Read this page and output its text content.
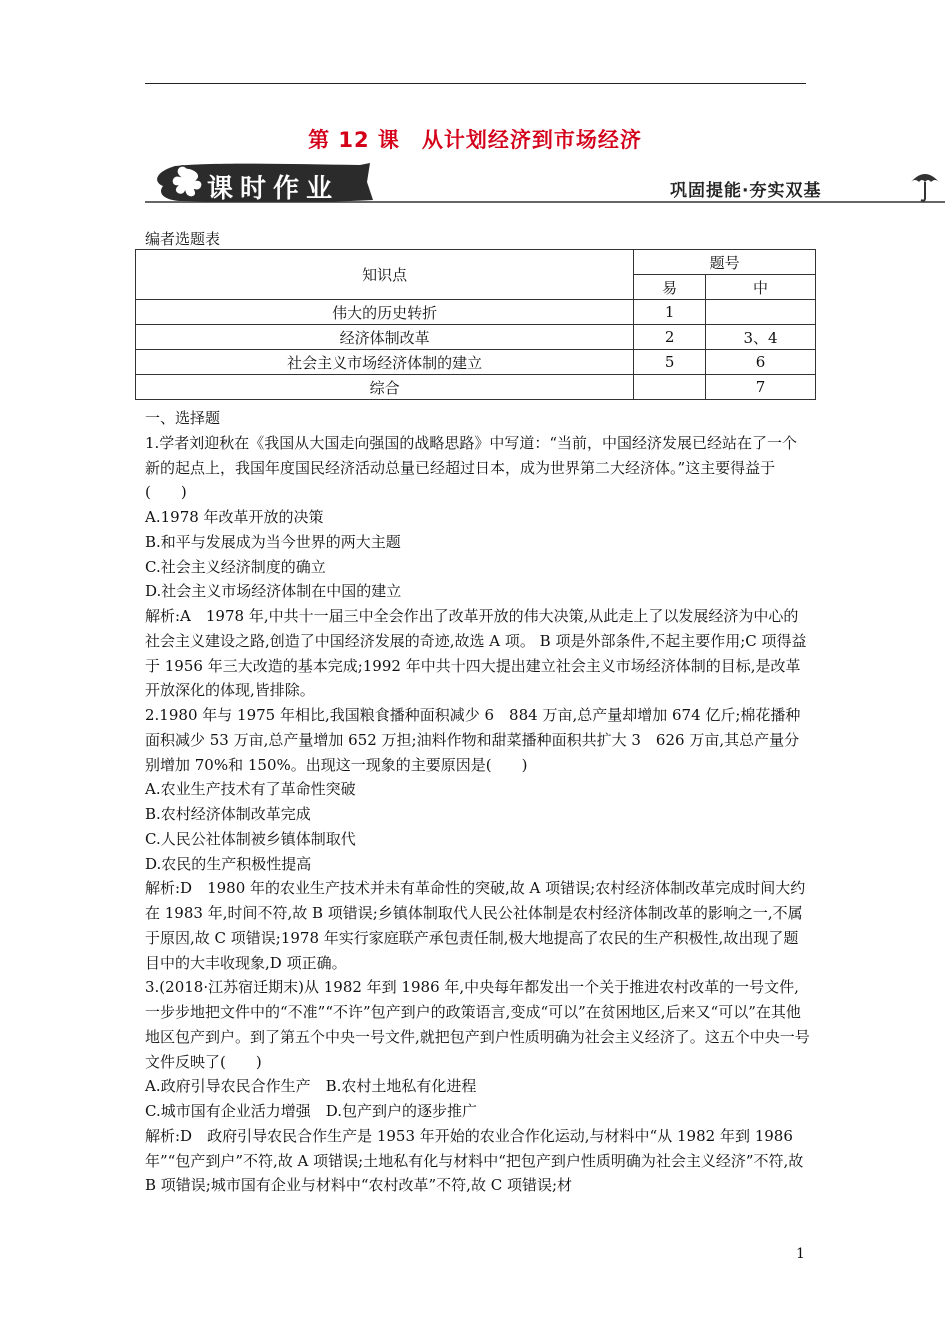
第 12 课　从计划经济到市场经济
课时作业	巩固提能·夯实双基
编者选题表
知识点	题号	
	易	中
伟大的历史转折	1	
经济体制改革	2	3、4
社会主义市场经济体制的建立	5	6
综合		7

一、选择题

1.学者刘迎秋在《我国从大国走向强国的战略思路》中写道：“当前，中国经济发展已经站在了一个新的起点上，我国年度国民经济活动总量已经超过日本，成为世界第二大经济体。”这主要得益于(　　)

A.1978 年改革开放的决策

B.和平与发展成为当今世界的两大主题

C.社会主义经济制度的确立

D.社会主义市场经济体制在中国的建立

解析:A　1978 年,中共十一届三中全会作出了改革开放的伟大决策,从此走上了以发展经济为中心的社会主义建设之路,创造了中国经济发展的奇迹,故选 A 项。 B 项是外部条件,不起主要作用;C 项得益于 1956 年三大改造的基本完成;1992 年中共十四大提出建立社会主义市场经济体制的目标,是改革开放深化的体现,皆排除。

2.1980 年与 1975 年相比,我国粮食播种面积减少 6　884 万亩,总产量却增加 674 亿斤;棉花播种面积减少 53 万亩,总产量增加 652 万担;油料作物和甜菜播种面积共扩大 3　626 万亩,其总产量分别增加 70%和 150%。出现这一现象的主要原因是(　　)

A.农业生产技术有了革命性突破

B.农村经济体制改革完成

C.人民公社体制被乡镇体制取代

D.农民的生产积极性提高

解析:D　1980 年的农业生产技术并未有革命性的突破,故 A 项错误;农村经济体制改革完成时间大约在 1983 年,时间不符,故 B 项错误;乡镇体制取代人民公社体制是农村经济体制改革的影响之一,不属于原因,故 C 项错误;1978 年实行家庭联产承包责任制,极大地提高了农民的生产积极性,故出现了题目中的大丰收现象,D 项正确。

3.(2018·江苏宿迁期末)从 1982 年到 1986 年,中央每年都发出一个关于推进农村改革的一号文件,一步步地把文件中的“不准”“不许”包产到户的政策语言,变成“可以”在贫困地区,后来又“可以”在其他地区包产到户。到了第五个中央一号文件,就把包产到户性质明确为社会主义经济了。这五个中央一号文件反映了(　　)

A.政府引导农民合作生产　B.农村土地私有化进程

C.城市国有企业活力增强　D.包产到户的逐步推广

解析:D　政府引导农民合作生产是 1953 年开始的农业合作化运动,与材料中“从 1982 年到 1986 年”“包产到户”不符,故 A 项错误;土地私有化与材料中“把包产到户性质明确为社会主义经济”不符,故 B 项错误;城市国有企业与材料中“农村改革”不符,故 C 项错误;材

1
